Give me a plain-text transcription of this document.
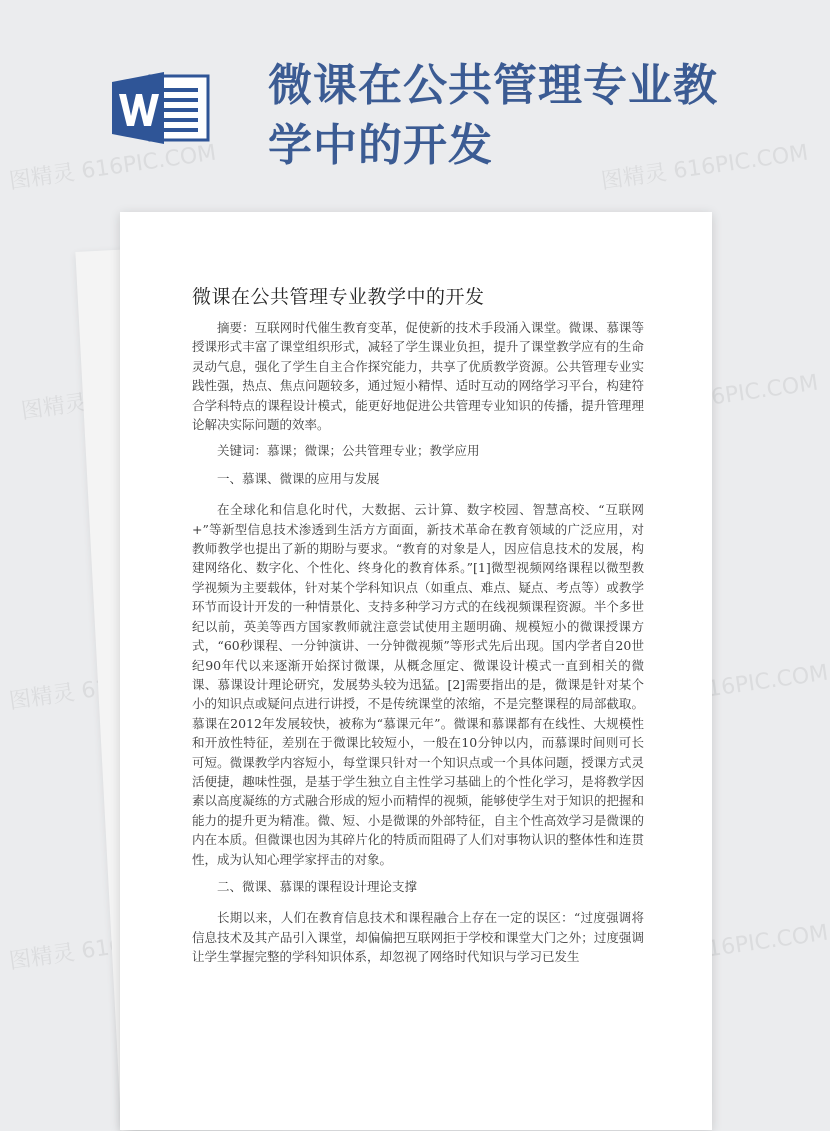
微课在公共管理专业教学中的开发
图精灵 616PIC.COM	图精灵 616PIC.COM
图精灵	图精灵 616PIC.COM
图精灵	图精灵 616PIC.COM
图精灵	图精灵 616PIC.COM
微课在公共管理专业教学中的开发

摘要：互联网时代催生教育变革，促使新的技术手段涌入课堂。微课、慕课等授课形式丰富了课堂组织形式，减轻了学生课业负担，提升了课堂教学应有的生命灵动气息，强化了学生自主合作探究能力，共享了优质教学资源。公共管理专业实践性强，热点、焦点问题较多，通过短小精悍、适时互动的网络学习平台，构建符合学科特点的课程设计模式，能更好地促进公共管理专业知识的传播，提升管理理论解决实际问题的效率。

关键词：慕课；微课；公共管理专业；教学应用

一、慕课、微课的应用与发展

在全球化和信息化时代，大数据、云计算、数字校园、智慧高校、“互联网+”等新型信息技术渗透到生活方方面面，新技术革命在教育领域的广泛应用，对教师教学也提出了新的期盼与要求。“教育的对象是人，因应信息技术的发展，构建网络化、数字化、个性化、终身化的教育体系。”[1]微型视频网络课程以微型教学视频为主要载体，针对某个学科知识点（如重点、难点、疑点、考点等）或教学环节而设计开发的一种情景化、支持多种学习方式的在线视频课程资源。半个多世纪以前，英美等西方国家教师就注意尝试使用主题明确、规模短小的微课授课方式，“60秒课程、一分钟演讲、一分钟微视频”等形式先后出现。国内学者自20世纪90年代以来逐渐开始探讨微课，从概念厘定、微课设计模式一直到相关的微课、慕课设计理论研究，发展势头较为迅猛。[2]需要指出的是，微课是针对某个小的知识点或疑问点进行讲授，不是传统课堂的浓缩，不是完整课程的局部截取。慕课在2012年发展较快，被称为“慕课元年”。微课和慕课都有在线性、大规模性和开放性特征，差别在于微课比较短小，一般在10分钟以内，而慕课时间则可长可短。微课教学内容短小，每堂课只针对一个知识点或一个具体问题，授课方式灵活便捷，趣味性强，是基于学生独立自主性学习基础上的个性化学习，是将教学因素以高度凝练的方式融合形成的短小而精悍的视频，能够使学生对于知识的把握和能力的提升更为精准。微、短、小是微课的外部特征，自主个性高效学习是微课的内在本质。但微课也因为其碎片化的特质而阻碍了人们对事物认识的整体性和连贯性，成为认知心理学家抨击的对象。

二、微课、慕课的课程设计理论支撑

长期以来，人们在教育信息技术和课程融合上存在一定的误区：“过度强调将信息技术及其产品引入课堂，却偏偏把互联网拒于学校和课堂大门之外；过度强调让学生掌握完整的学科知识体系，却忽视了网络时代知识与学习已发生
